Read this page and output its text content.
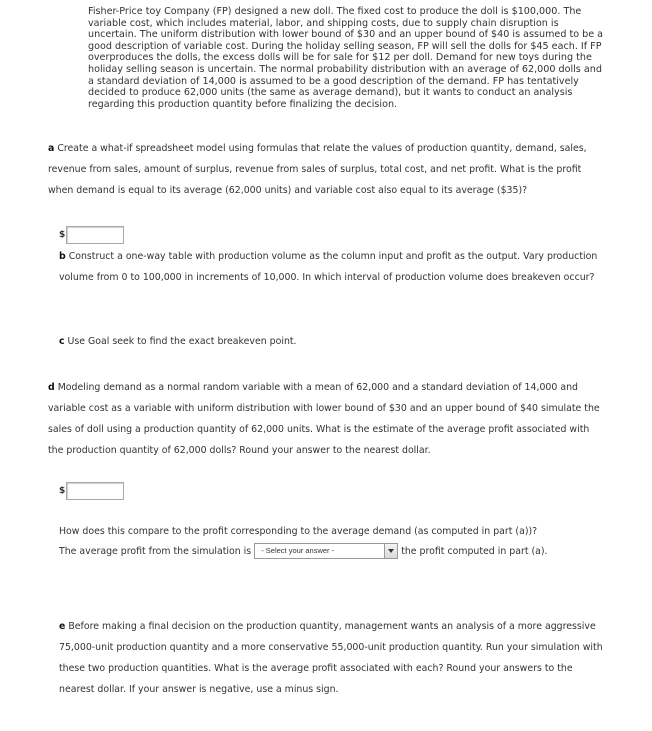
Fisher-Price toy Company (FP) designed a new doll. The fixed cost to produce the doll is $100,000. The variable cost, which includes material, labor, and shipping costs, due to supply chain disruption is uncertain. The uniform distribution with lower bound of $30 and an upper bound of $40 is assumed to be a good description of variable cost. During the holiday selling season, FP will sell the dolls for $45 each. If FP overproduces the dolls, the excess dolls will be for sale for $12 per doll. Demand for new toys during the holiday selling season is uncertain. The normal probability distribution with an average of 62,000 dolls and a standard deviation of 14,000 is assumed to be a good description of the demand. FP has tentatively decided to produce 62,000 units (the same as average demand), but it wants to conduct an analysis regarding this production quantity before finalizing the decision.
a Create a what-if spreadsheet model using formulas that relate the values of production quantity, demand, sales, revenue from sales, amount of surplus, revenue from sales of surplus, total cost, and net profit. What is the profit when demand is equal to its average (62,000 units) and variable cost also equal to its average ($35)?
$
b Construct a one-way table with production volume as the column input and profit as the output. Vary production volume from 0 to 100,000 in increments of 10,000. In which interval of production volume does breakeven occur?
c Use Goal seek to find the exact breakeven point.
d Modeling demand as a normal random variable with a mean of 62,000 and a standard deviation of 14,000 and variable cost as a variable with uniform distribution with lower bound of $30 and an upper bound of $40 simulate the sales of doll using a production quantity of 62,000 units. What is the estimate of the average profit associated with the production quantity of 62,000 dolls? Round your answer to the nearest dollar.
$
How does this compare to the profit corresponding to the average demand (as computed in part (a))?
The average profit from the simulation is	- Select your answer -	the profit computed in part (a).
e Before making a final decision on the production quantity, management wants an analysis of a more aggressive 75,000-unit production quantity and a more conservative 55,000-unit production quantity. Run your simulation with these two production quantities. What is the average profit associated with each? Round your answers to the nearest dollar. If your answer is negative, use a minus sign.
